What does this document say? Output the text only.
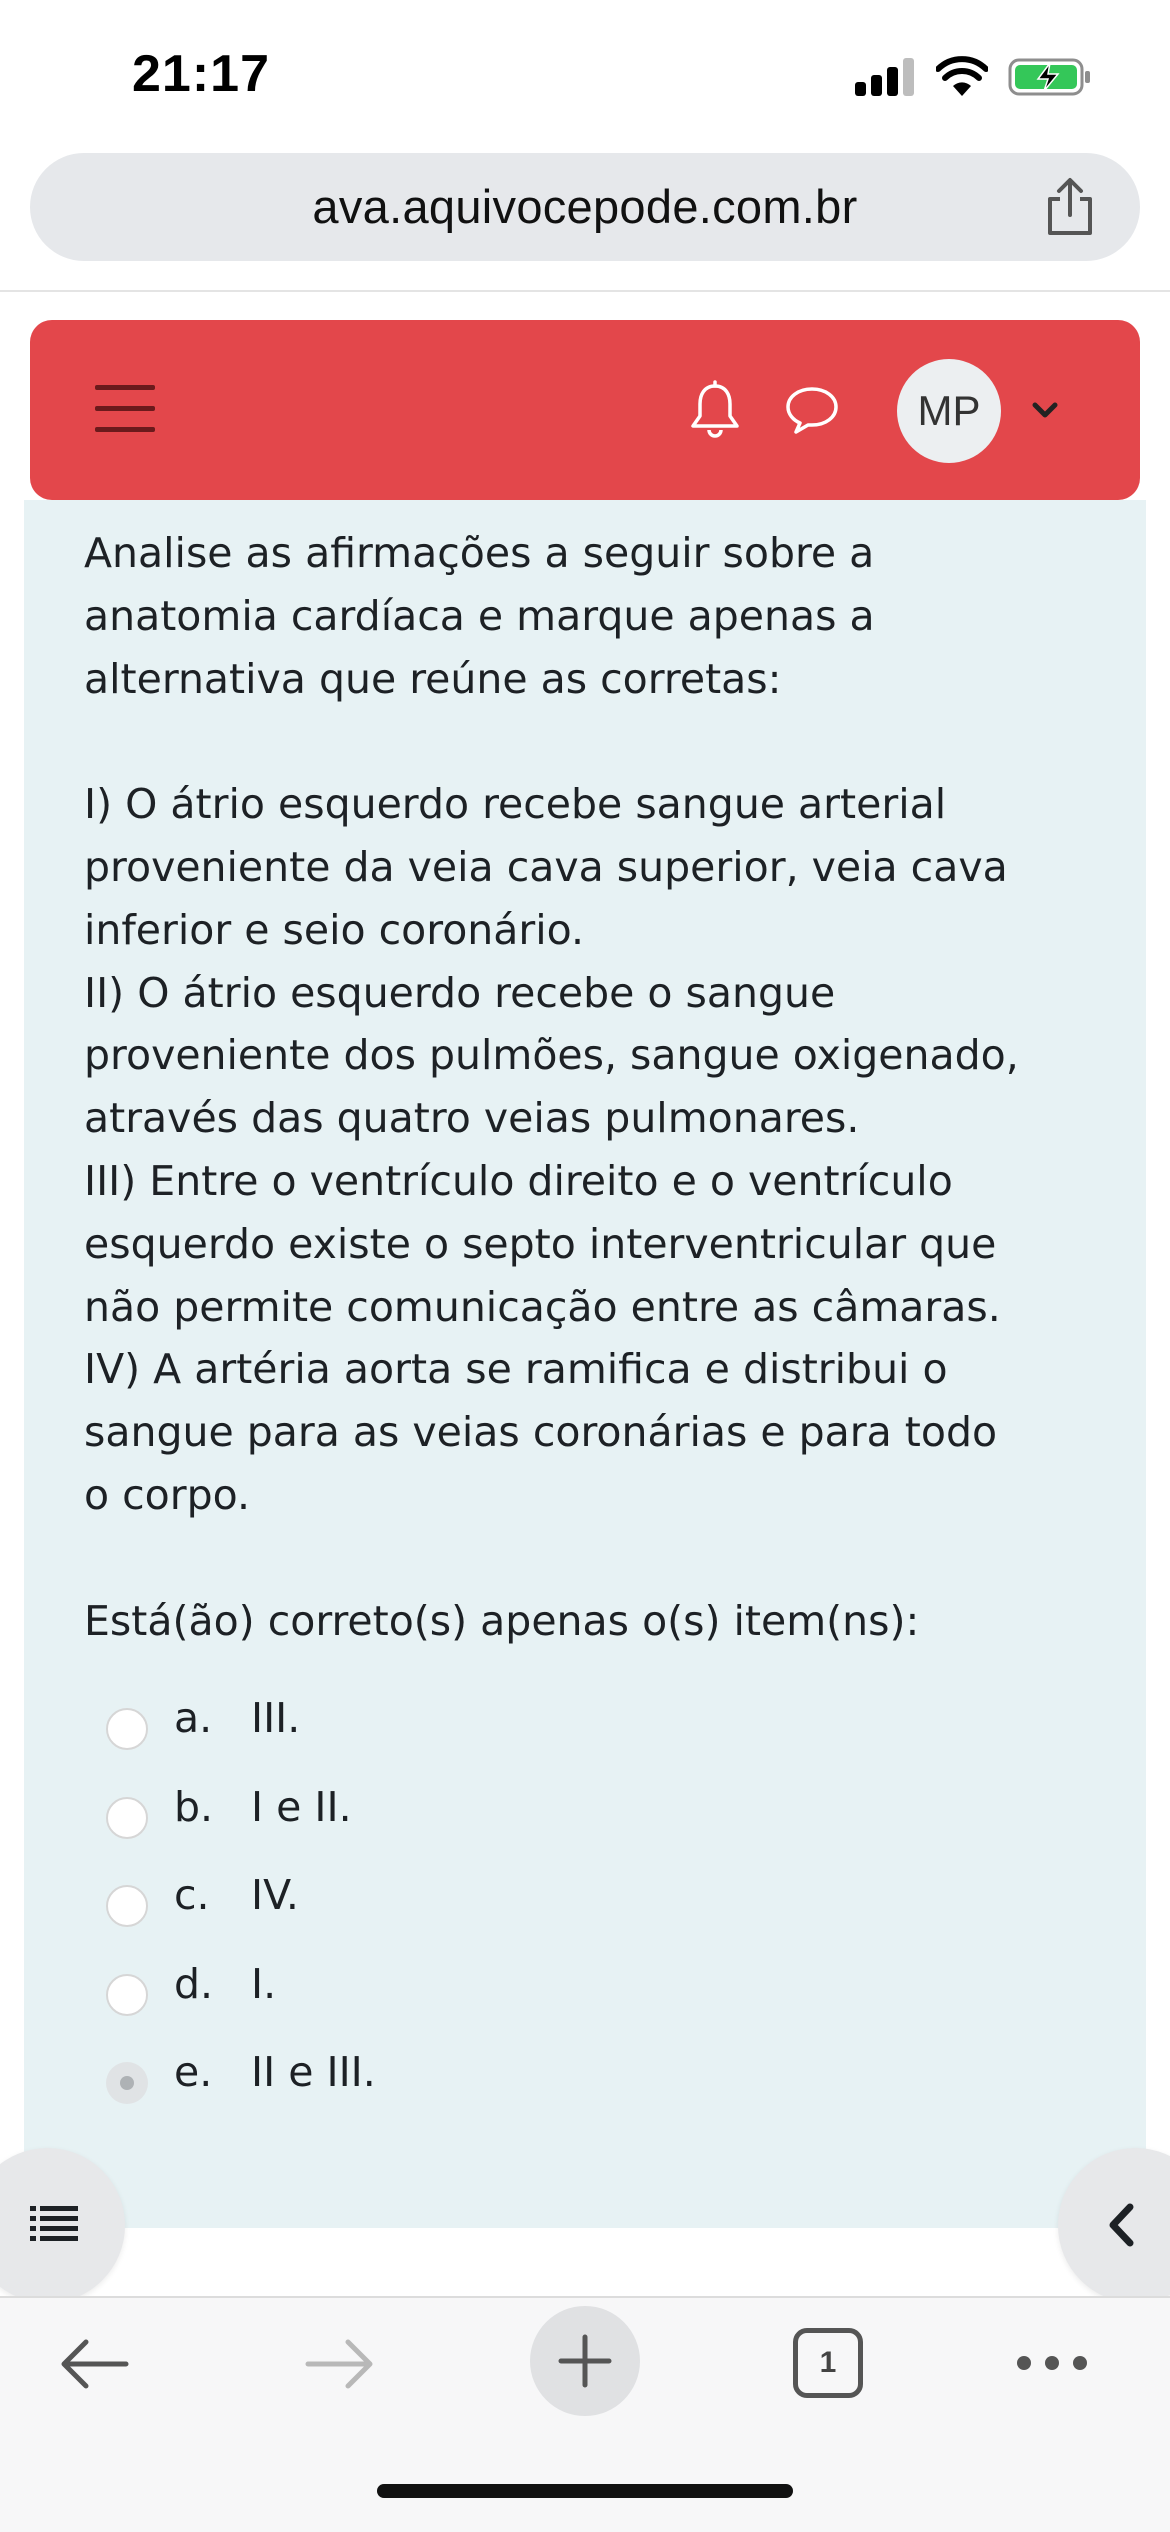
21:17
ava.aquivocepode.com.br
MP

Analise as afirmações a seguir sobre a

anatomia cardíaca e marque apenas a

alternativa que reúne as corretas:

I) O átrio esquerdo recebe sangue arterial

proveniente da veia cava superior, veia cava

inferior e seio coronário.

II) O átrio esquerdo recebe o sangue

proveniente dos pulmões, sangue oxigenado,

através das quatro veias pulmonares.

III) Entre o ventrículo direito e o ventrículo

esquerdo existe o septo interventricular que

não permite comunicação entre as câmaras.

IV) A artéria aorta se ramifica e distribui o

sangue para as veias coronárias e para todo

o corpo.

Está(ão) correto(s) apenas o(s) item(ns):

a. III.
b. I e II.
c. IV.
d. I.
e. II e III.
1
